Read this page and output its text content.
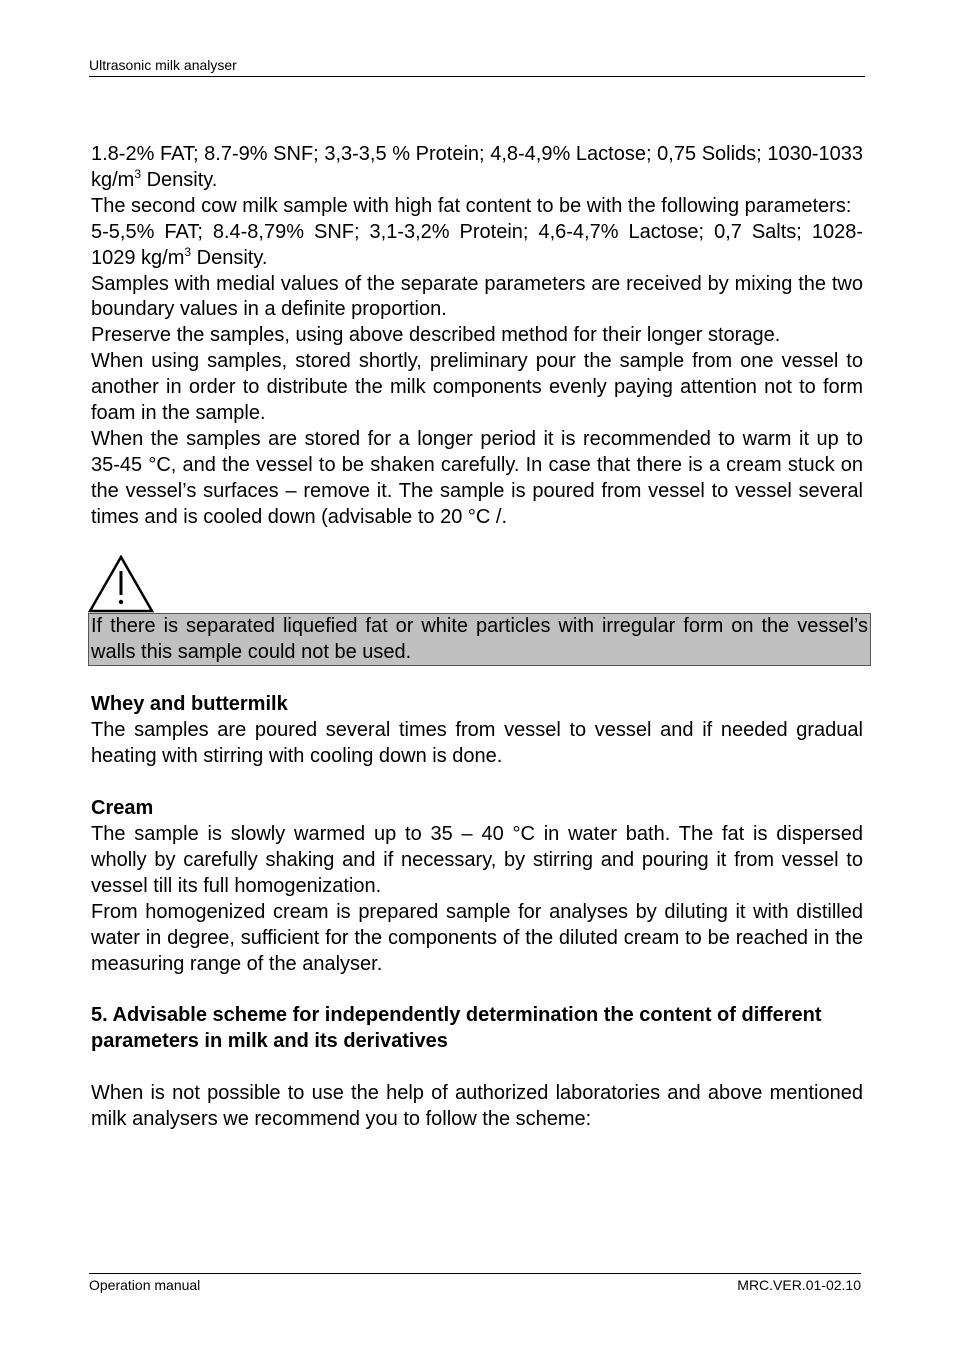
Ultrasonic milk analyser

1.8-2% FAT; 8.7-9% SNF; 3,3-3,5 % Protein; 4,8-4,9% Lactose; 0,75 Solids; 1030-1033 $kg/m^3$ Density.

The second cow milk sample with high fat content to be with the following parameters:

5-5,5% FAT; 8.4-8,79% SNF; 3,1-3,2% Protein; 4,6-4,7% Lactose; 0,7 Salts; 1028-1029 $kg/m^3$ Density.

Samples with medial values of the separate parameters are received by mixing the two boundary values in a definite proportion.

Preserve the samples, using above described method for their longer storage.

When using samples, stored shortly, preliminary pour the sample from one vessel to another in order to distribute the milk components evenly paying attention not to form foam in the sample.

When the samples are stored for a longer period it is recommended to warm it up to 35-45 °C, and the vessel to be shaken carefully. In case that there is a cream stuck on the vessel’s surfaces – remove it. The sample is poured from vessel to vessel several times and is cooled down (advisable to 20 °C /.

If there is separated liquefied fat or white particles with irregular form on the vessel’s walls this sample could not be used.
Whey and buttermilk

The samples are poured several times from vessel to vessel and if needed gradual heating with stirring with cooling down is done.

Cream

The sample is slowly warmed up to 35 – 40 °C in water bath. The fat is dispersed wholly by carefully shaking and if necessary, by stirring and pouring it from vessel to vessel till its full homogenization.

From homogenized cream is prepared sample for analyses by diluting it with distilled water in degree, sufficient for the components of the diluted cream to be reached in the measuring range of the analyser.

5. Advisable scheme for independently determination the content of different parameters in milk and its derivatives

When is not possible to use the help of authorized laboratories and above mentioned milk analysers we recommend you to follow the scheme:

Operation manual	MRC.VER.01-02.10
